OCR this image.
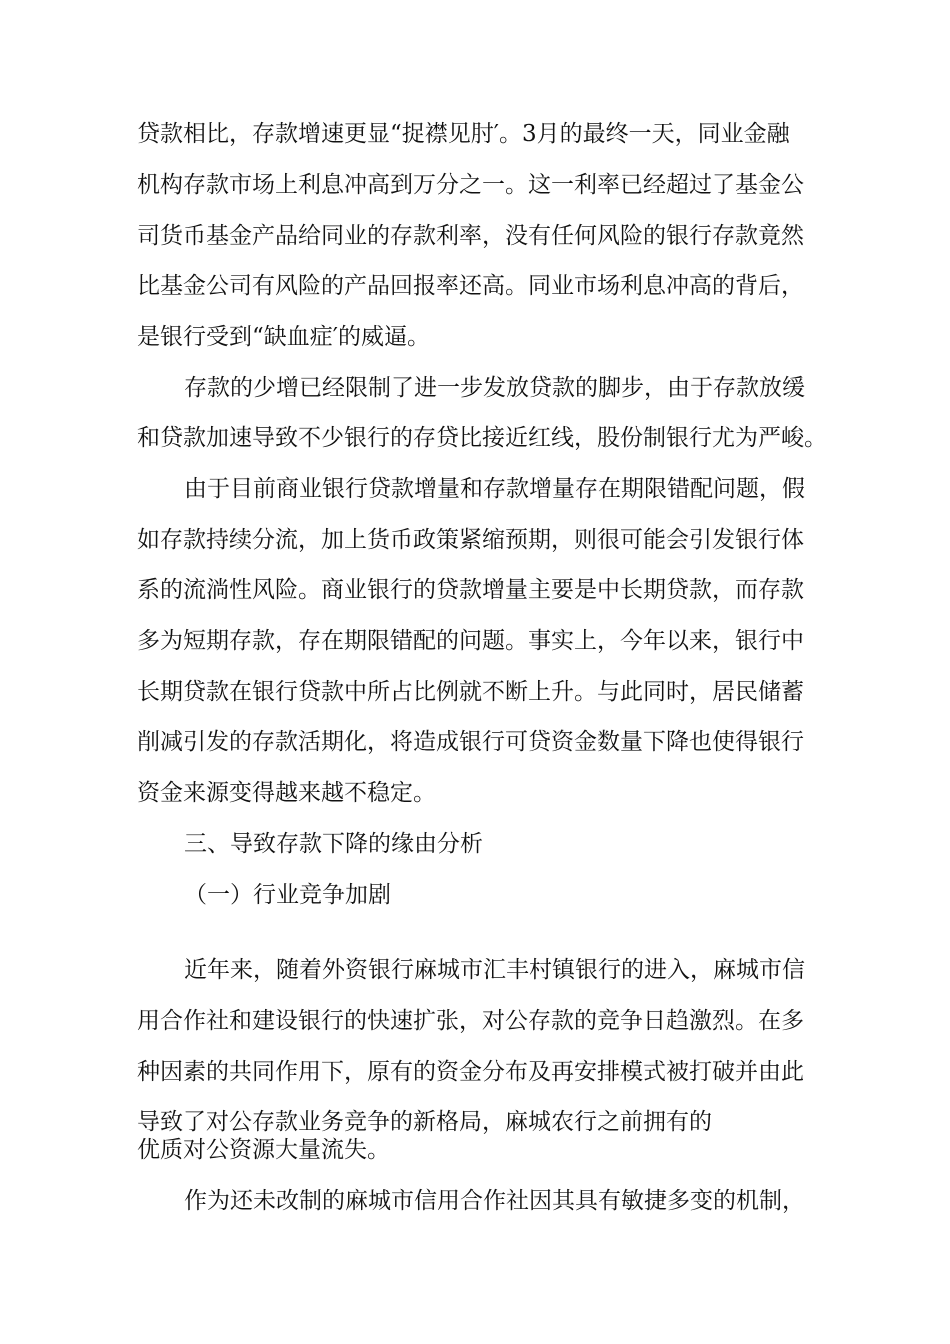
贷款相比，存款增速更显“捉襟见肘′。3月的最终一天，同业金融
机构存款市场上利息冲高到万分之一。这一利率已经超过了基金公
司货币基金产品给同业的存款利率，没有任何风险的银行存款竟然
比基金公司有风险的产品回报率还高。同业市场利息冲高的背后，
是银行受到“缺血症′的威逼。
存款的少增已经限制了进一步发放贷款的脚步，由于存款放缓
和贷款加速导致不少银行的存贷比接近红线，股份制银行尤为严峻。
由于目前商业银行贷款增量和存款增量存在期限错配问题，假
如存款持续分流，加上货币政策紧缩预期，则很可能会引发银行体
系的流淌性风险。商业银行的贷款增量主要是中长期贷款，而存款
多为短期存款，存在期限错配的问题。事实上，今年以来，银行中
长期贷款在银行贷款中所占比例就不断上升。与此同时，居民储蓄
削减引发的存款活期化，将造成银行可贷资金数量下降也使得银行
资金来源变得越来越不稳定。
三、导致存款下降的缘由分析
（一）行业竞争加剧
近年来，随着外资银行麻城市汇丰村镇银行的进入，麻城市信
用合作社和建设银行的快速扩张，对公存款的竞争日趋激烈。在多
种因素的共同作用下，原有的资金分布及再安排模式被打破并由此
导致了对公存款业务竞争的新格局，麻城农行之前拥有的
优质对公资源大量流失。
作为还未改制的麻城市信用合作社因其具有敏捷多变的机制，
